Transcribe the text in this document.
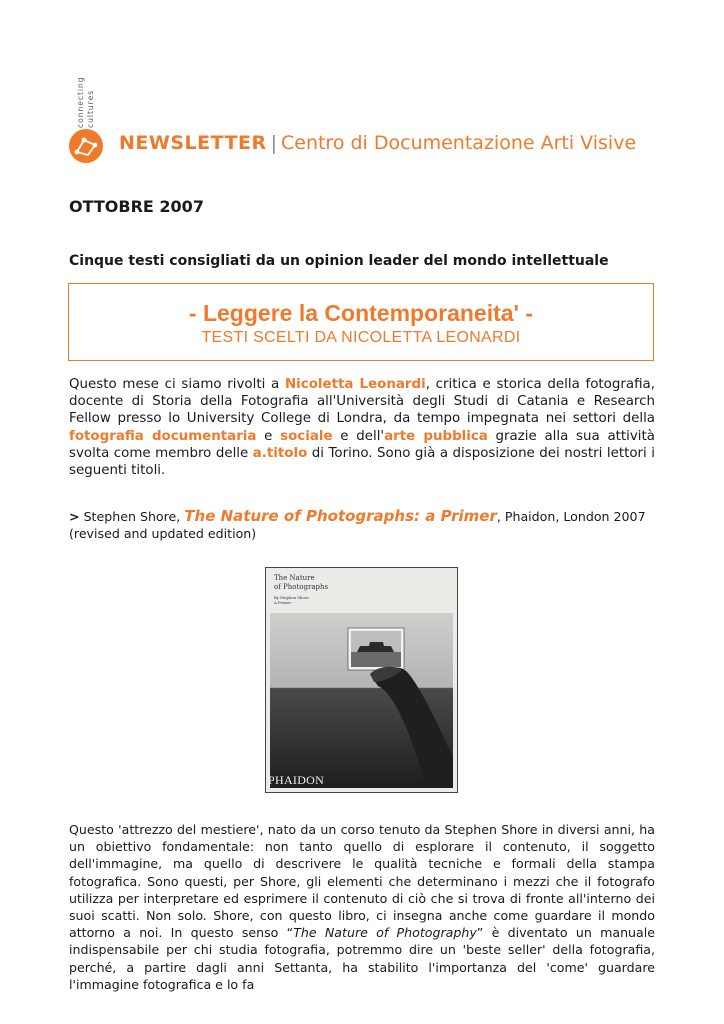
connecting cultures
NEWSLETTER | Centro di Documentazione Arti Visive
OTTOBRE 2007
Cinque testi consigliati da un opinion leader del mondo intellettuale
- Leggere la Contemporaneita' -
TESTI SCELTI DA NICOLETTA LEONARDI
Questo mese ci siamo rivolti a Nicoletta Leonardi, critica e storica della fotografia, docente di Storia della Fotografia all'Università degli Studi di Catania e Research Fellow presso lo University College di Londra, da tempo impegnata nei settori della fotografia documentaria e sociale e dell'arte pubblica grazie alla sua attività svolta come membro delle a.titolo di Torino. Sono già a disposizione dei nostri lettori i seguenti titoli.
> Stephen Shore, The Nature of Photographs: a Primer, Phaidon, London 2007 (revised and updated edition)
The Nature
of Photographs
By Stephen Shore
A Primer
PHAIDON
Questo 'attrezzo del mestiere', nato da un corso tenuto da Stephen Shore in diversi anni, ha un obiettivo fondamentale: non tanto quello di esplorare il contenuto, il soggetto dell'immagine, ma quello di descrivere le qualità tecniche e formali della stampa fotografica. Sono questi, per Shore, gli elementi che determinano i mezzi che il fotografo utilizza per interpretare ed esprimere il contenuto di ciò che si trova di fronte all'interno dei suoi scatti. Non solo. Shore, con questo libro, ci insegna anche come guardare il mondo attorno a noi. In questo senso “The Nature of Photography” è diventato un manuale indispensabile per chi studia fotografia, potremmo dire un 'beste seller' della fotografia, perché, a partire dagli anni Settanta, ha stabilito l'importanza del 'come' guardare l'immagine fotografica e lo fa
